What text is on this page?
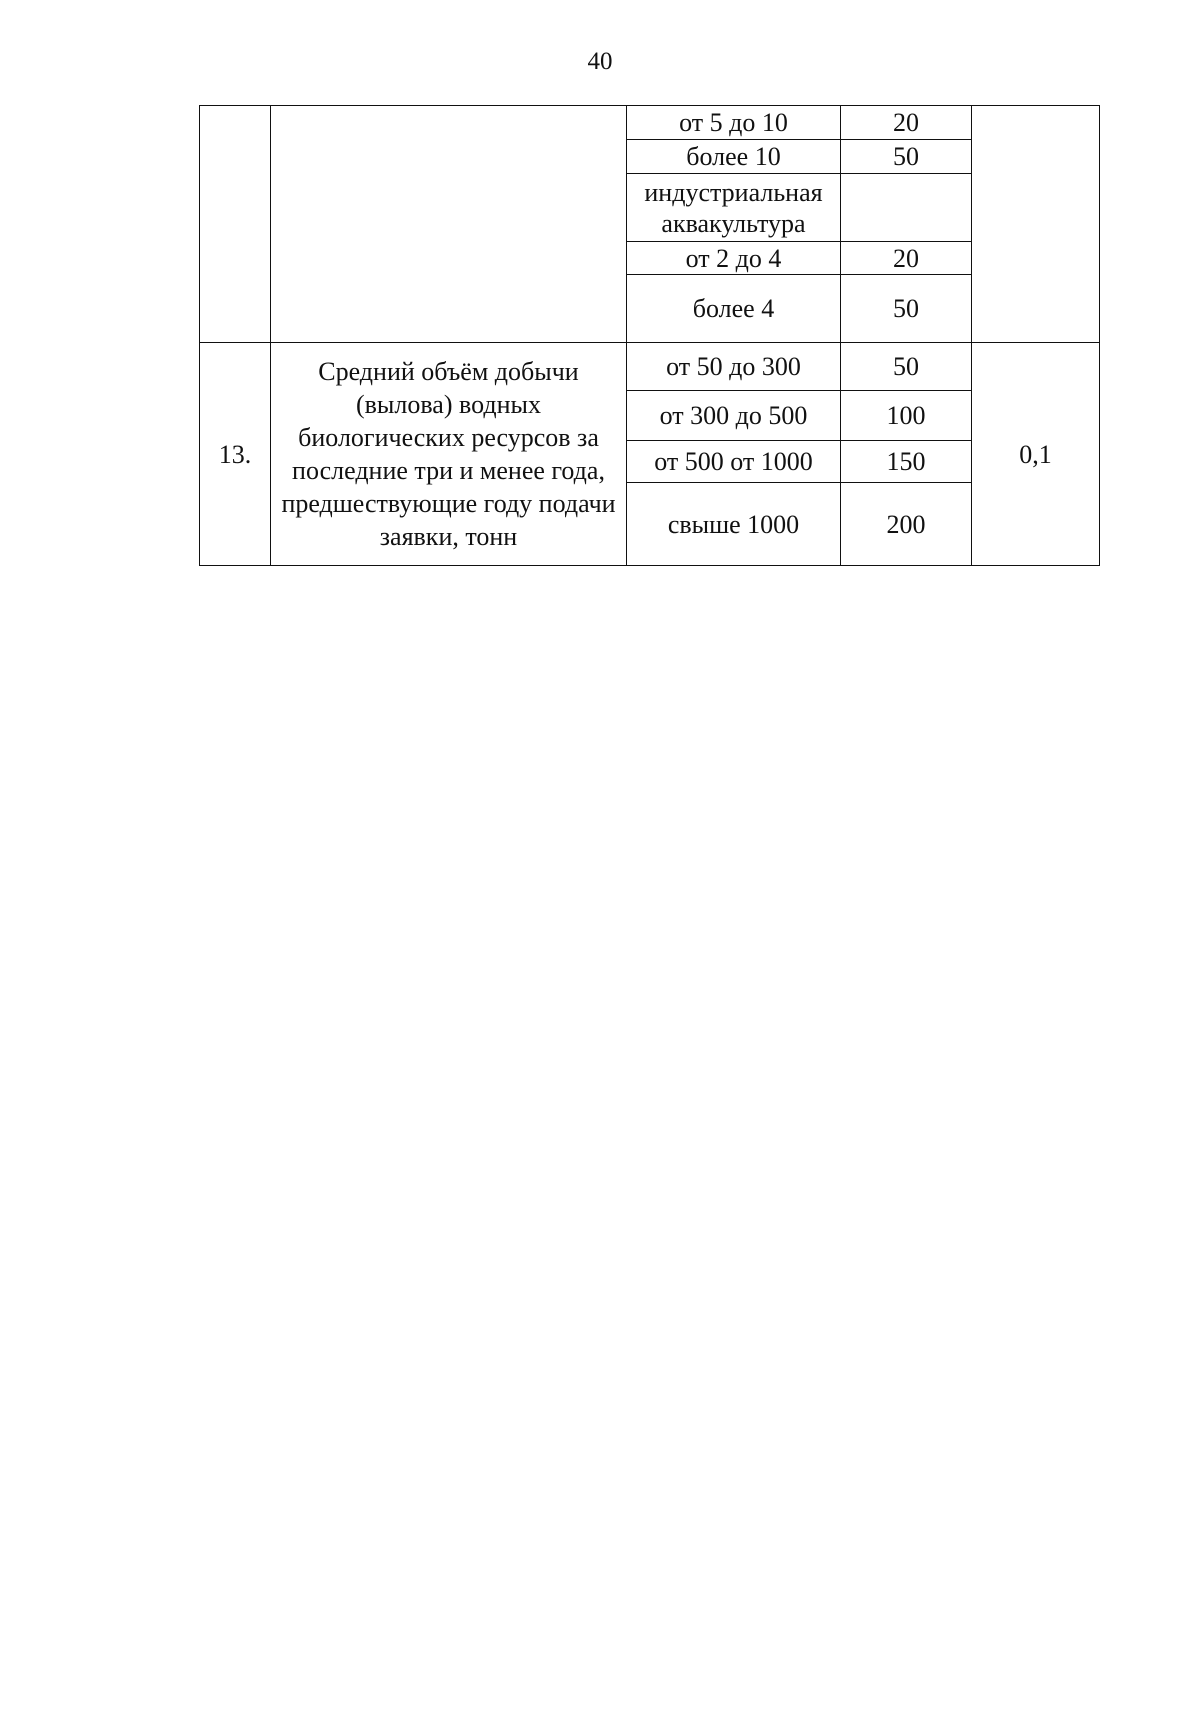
40
		от 5 до 10	20	
		более 10	50	
		индустриальная аквакультура		
		от 2 до 4	20	
		более 4	50	
13.	Средний объём добычи (вылова) водных биологических ресурсов за последние три и менее года, предшествующие году подачи заявки, тонн	от 50 до 300	50	0,1
		от 300 до 500	100	
		от 500 от 1000	150	
		свыше 1000	200	
